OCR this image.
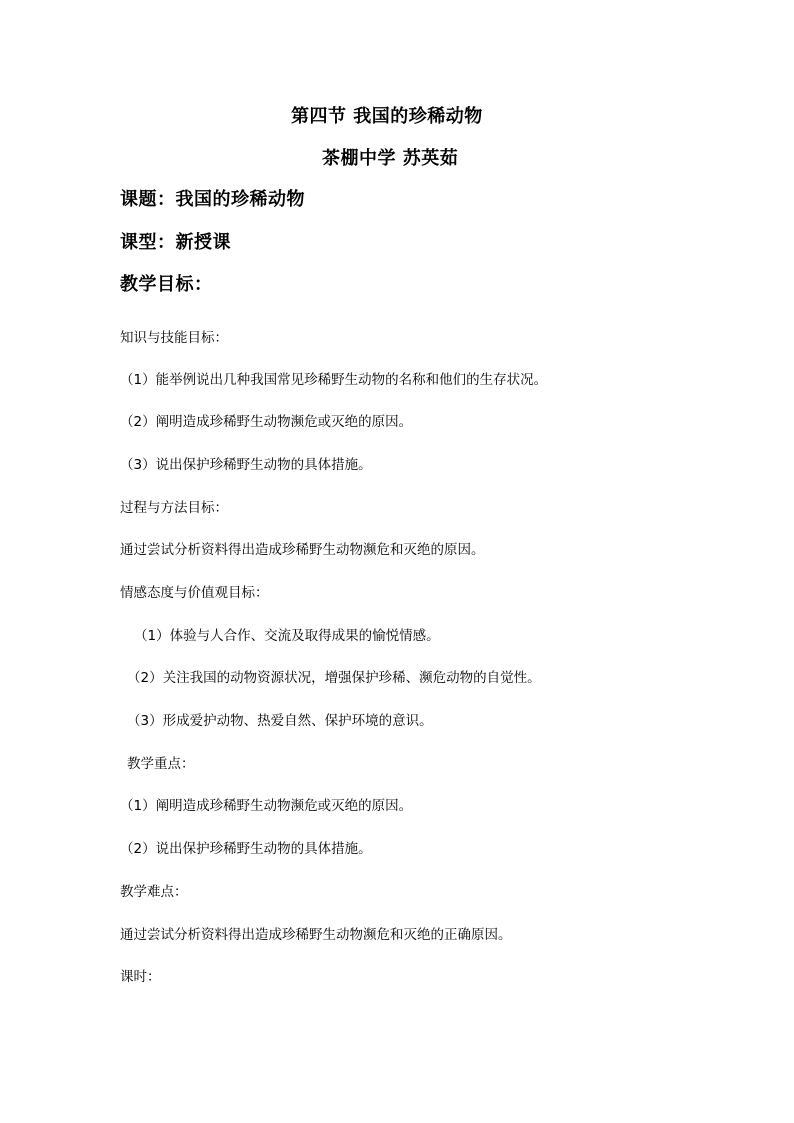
第四节 我国的珍稀动物
茶棚中学 苏英茹
课题：我国的珍稀动物
课型：新授课
教学目标：
知识与技能目标：
（1）能举例说出几种我国常见珍稀野生动物的名称和他们的生存状况。
（2）阐明造成珍稀野生动物濒危或灭绝的原因。
（3）说出保护珍稀野生动物的具体措施。
过程与方法目标：
通过尝试分析资料得出造成珍稀野生动物濒危和灭绝的原因。
情感态度与价值观目标：
（1）体验与人合作、交流及取得成果的愉悦情感。
（2）关注我国的动物资源状况，增强保护珍稀、濒危动物的自觉性。
（3）形成爱护动物、热爱自然、保护环境的意识。
教学重点：
（1）阐明造成珍稀野生动物濒危或灭绝的原因。
（2）说出保护珍稀野生动物的具体措施。
教学难点：
通过尝试分析资料得出造成珍稀野生动物濒危和灭绝的正确原因。
课时：
